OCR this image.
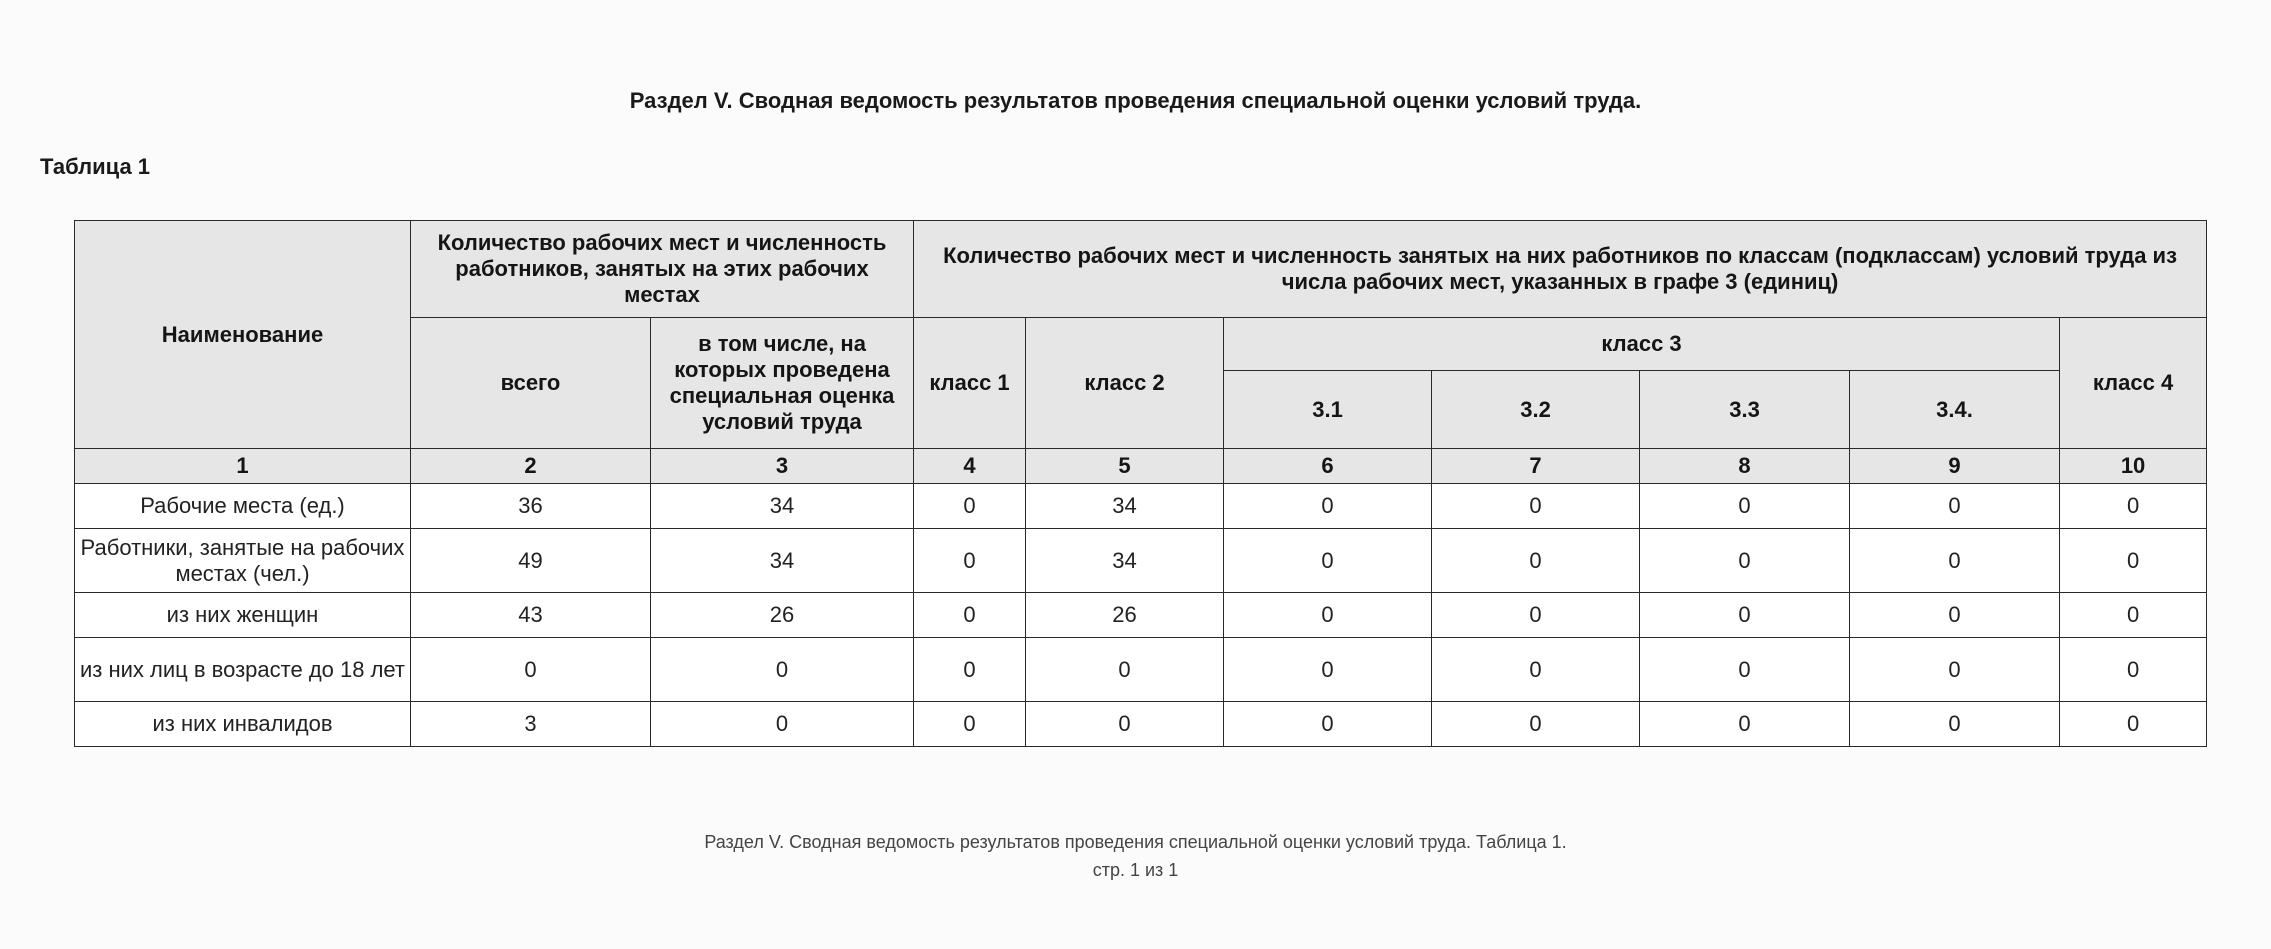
Раздел V. Сводная ведомость результатов проведения специальной оценки условий труда.
Таблица 1
Наименование	Количество рабочих мест и численность работников, занятых на этих рабочих местах		Количество рабочих мест и численность занятых на них работников по классам (подклассам) условий труда из числа рабочих мест, указанных в графе 3 (единиц)						
	всего	в том числе, на которых проведена специальная оценка условий труда	класс 1	класс 2	класс 3				класс 4
					3.1	3.2	3.3	3.4.	
1	2	3	4	5	6	7	8	9	10
Рабочие места (ед.)	36	34	0	34	0	0	0	0	0
Работники, занятые на рабочих местах (чел.)	49	34	0	34	0	0	0	0	0
из них женщин	43	26	0	26	0	0	0	0	0
из них лиц в возрасте до 18 лет	0	0	0	0	0	0	0	0	0
из них инвалидов	3	0	0	0	0	0	0	0	0
Раздел V. Сводная ведомость результатов проведения специальной оценки условий труда. Таблица 1.
стр. 1 из 1
